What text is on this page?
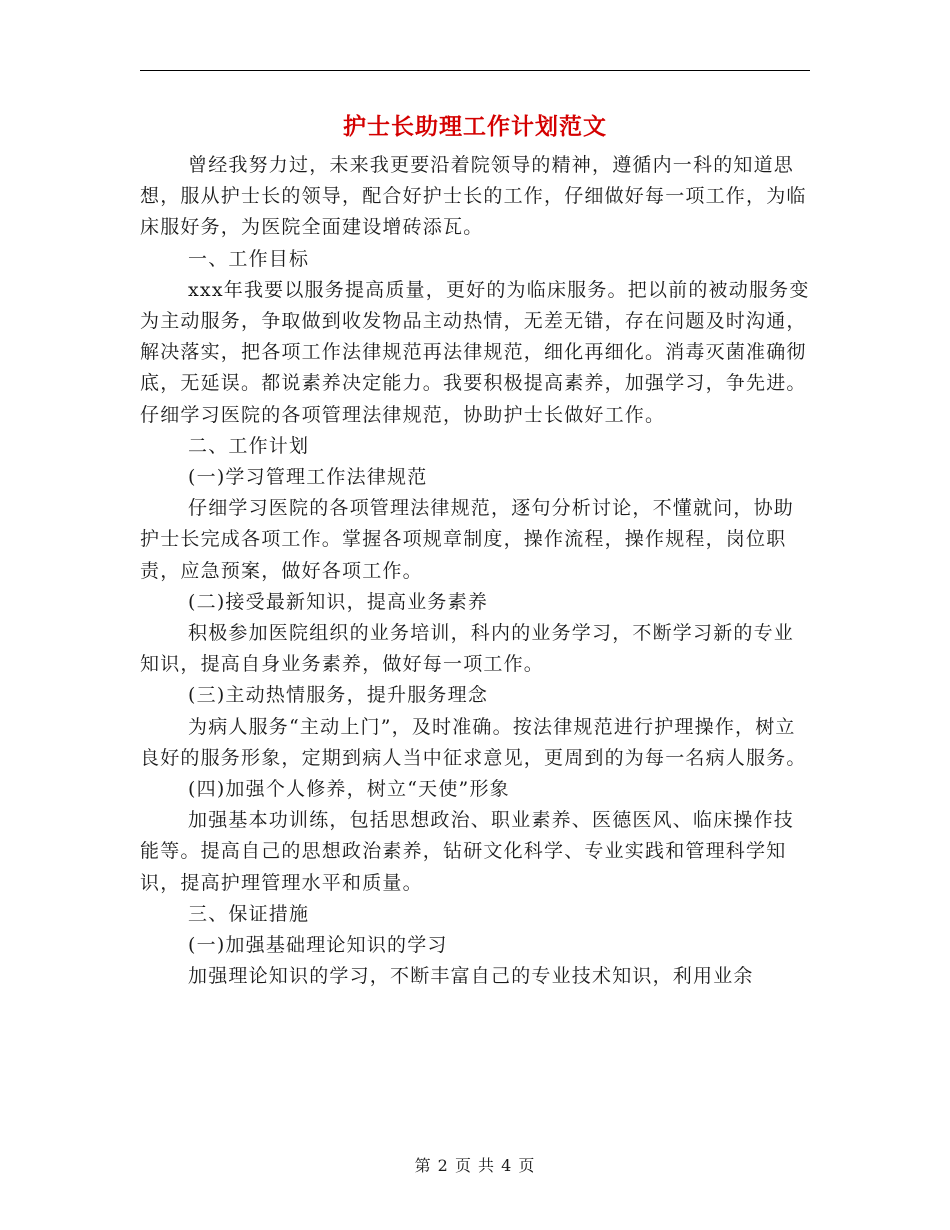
护士长助理工作计划范文

曾经我努力过，未来我更要沿着院领导的精神，遵循内一科的知道思想，服从护士长的领导，配合好护士长的工作，仔细做好每一项工作，为临床服好务，为医院全面建设增砖添瓦。

一、工作目标

xxx年我要以服务提高质量，更好的为临床服务。把以前的被动服务变为主动服务，争取做到收发物品主动热情，无差无错，存在问题及时沟通，解决落实，把各项工作法律规范再法律规范，细化再细化。消毒灭菌准确彻底，无延误。都说素养决定能力。我要积极提高素养，加强学习，争先进。仔细学习医院的各项管理法律规范，协助护士长做好工作。

二、工作计划

(一)学习管理工作法律规范

仔细学习医院的各项管理法律规范，逐句分析讨论，不懂就问，协助护士长完成各项工作。掌握各项规章制度，操作流程，操作规程，岗位职责，应急预案，做好各项工作。

(二)接受最新知识，提高业务素养

积极参加医院组织的业务培训，科内的业务学习，不断学习新的专业知识，提高自身业务素养，做好每一项工作。

(三)主动热情服务，提升服务理念

为病人服务“主动上门”，及时准确。按法律规范进行护理操作，树立良好的服务形象，定期到病人当中征求意见，更周到的为每一名病人服务。

(四)加强个人修养，树立“天使”形象

加强基本功训练，包括思想政治、职业素养、医德医风、临床操作技能等。提高自己的思想政治素养，钻研文化科学、专业实践和管理科学知识，提高护理管理水平和质量。

三、保证措施

(一)加强基础理论知识的学习

加强理论知识的学习，不断丰富自己的专业技术知识，利用业余

第 2 页 共 4 页
